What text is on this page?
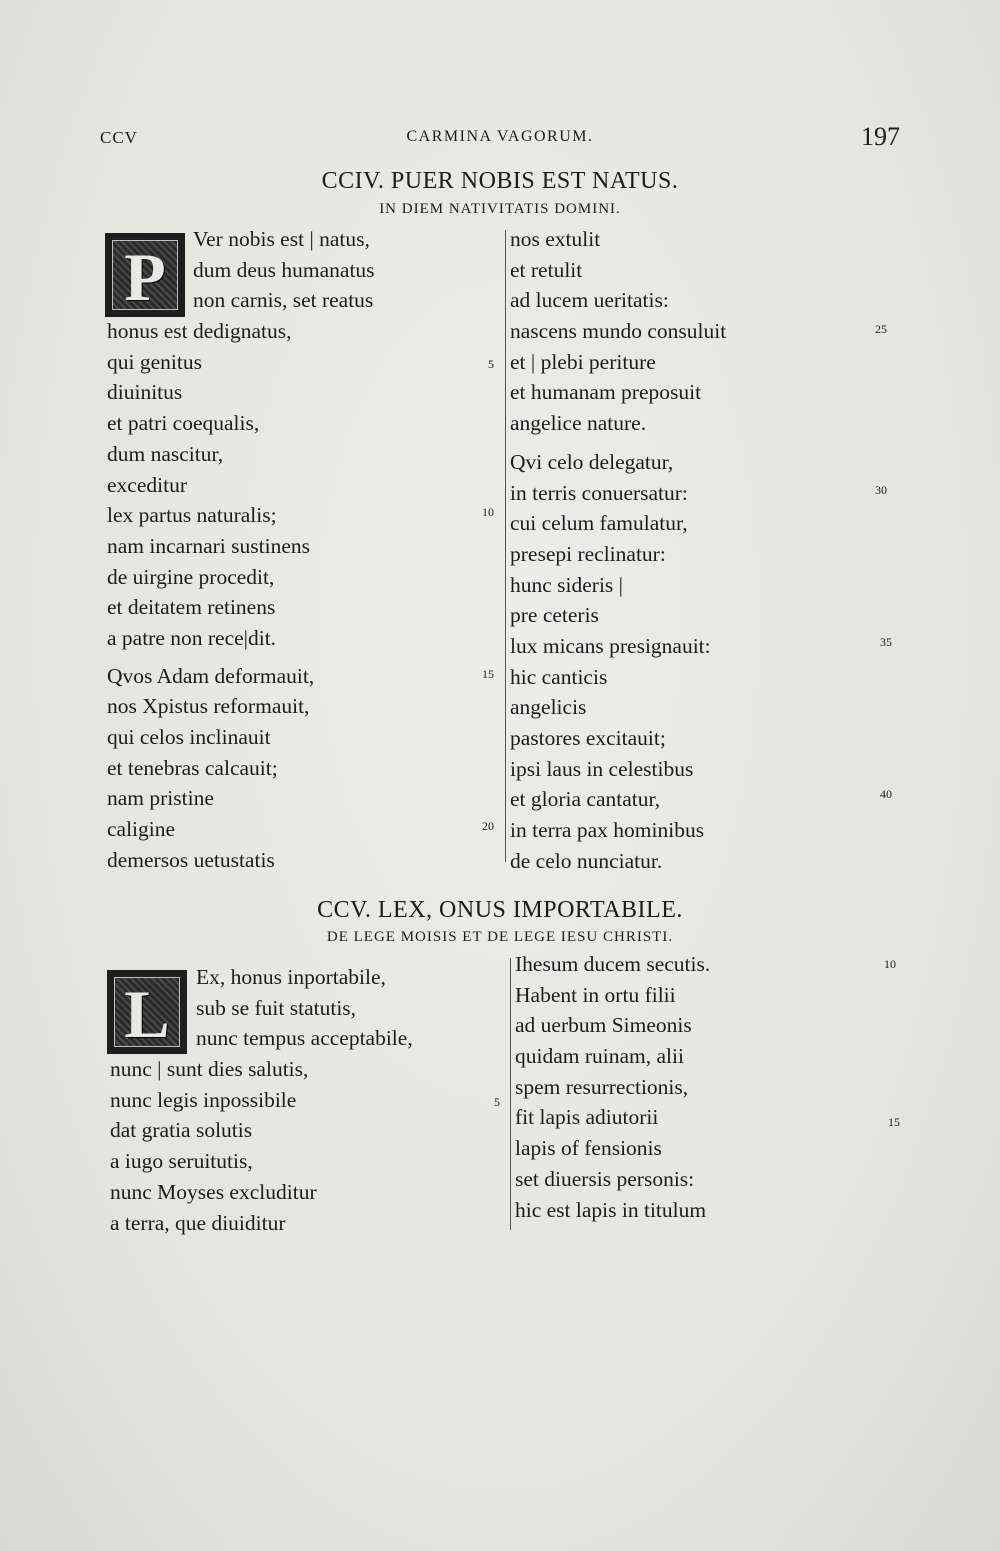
CCV	CARMINA VAGORUM.	197
CCIV. PUER NOBIS EST NATUS.
IN DIEM NATIVITATIS DOMINI.
P	Ver nobis est | natus,
dum deus humanatus
non carnis, set reatus
honus est dedignatus,
qui genitus
diuinitus
et patri coequalis,
dum nascitur,
exceditur
lex partus naturalis;
nam incarnari sustinens
de uirgine procedit,
et deitatem retinens
a patre non rece|dit.
Qvos Adam deformauit,
nos Xpistus reformauit,
qui celos inclinauit
et tenebras calcauit;
nam pristine
caligine
demersos uetustatis
5
10
15
20
nos extulit
et retulit
ad lucem ueritatis:
nascens mundo consuluit
et | plebi periture
et humanam preposuit
angelice nature.
Qvi celo delegatur,
in terris conuersatur:
cui celum famulatur,
presepi reclinatur:
hunc sideris |
pre ceteris
lux micans presignauit:
hic canticis
angelicis
pastores excitauit;
ipsi laus in celestibus
et gloria cantatur,
in terra pax hominibus
de celo nunciatur.
25
30
35
40
CCV. LEX, ONUS IMPORTABILE.
DE LEGE MOISIS ET DE LEGE IESU CHRISTI.
L	Ex, honus inportabile,
sub se fuit statutis,
nunc tempus acceptabile,
nunc | sunt dies salutis,
nunc legis inpossibile
dat gratia solutis
a iugo seruitutis,
nunc Moyses excluditur
a terra, que diuiditur
5
Ihesum ducem secutis.
Habent in ortu filii
ad uerbum Simeonis
quidam ruinam, alii
spem resurrectionis,
fit lapis adiutorii
lapis of fensionis
set diuersis personis:
hic est lapis in titulum
10
15
